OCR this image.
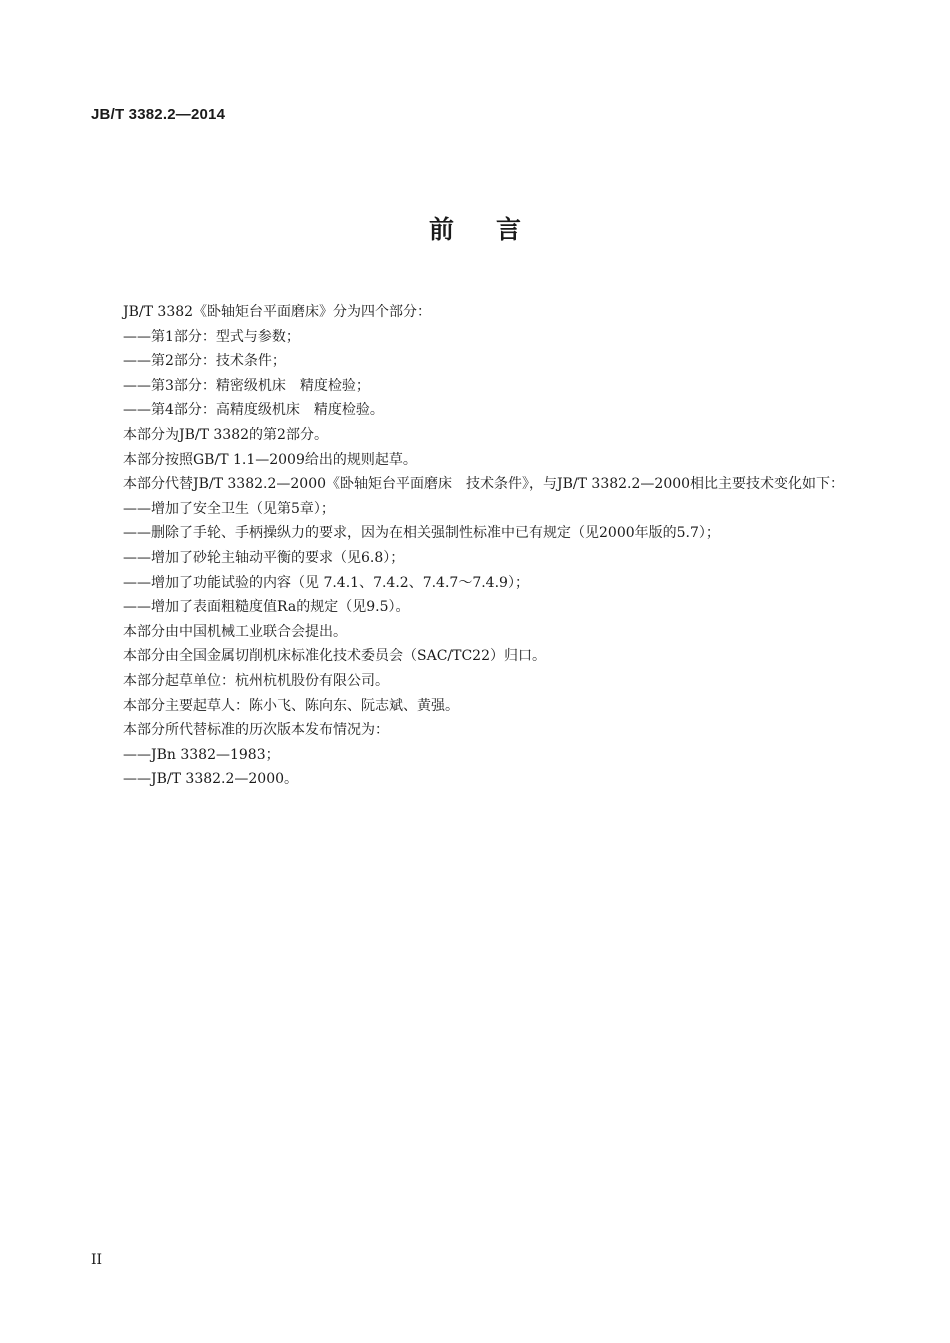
JB/T 3382.2—2014
前 言

JB/T 3382《卧轴矩台平面磨床》分为四个部分：

——第1部分：型式与参数；

——第2部分：技术条件；

——第3部分：精密级机床　精度检验；

——第4部分：高精度级机床　精度检验。

本部分为JB/T 3382的第2部分。

本部分按照GB/T 1.1—2009给出的规则起草。

本部分代替JB/T 3382.2—2000《卧轴矩台平面磨床　技术条件》，与JB/T 3382.2—2000相比主要技术变化如下：

——增加了安全卫生（见第5章）；

——删除了手轮、手柄操纵力的要求，因为在相关强制性标准中已有规定（见2000年版的5.7）；

——增加了砂轮主轴动平衡的要求（见6.8）；

——增加了功能试验的内容（见 7.4.1、7.4.2、7.4.7～7.4.9）；

——增加了表面粗糙度值Ra的规定（见9.5）。

本部分由中国机械工业联合会提出。

本部分由全国金属切削机床标准化技术委员会（SAC/TC22）归口。

本部分起草单位：杭州杭机股份有限公司。

本部分主要起草人：陈小飞、陈向东、阮志斌、黄强。

本部分所代替标准的历次版本发布情况为：

——JBn 3382—1983；

——JB/T 3382.2—2000。

II
